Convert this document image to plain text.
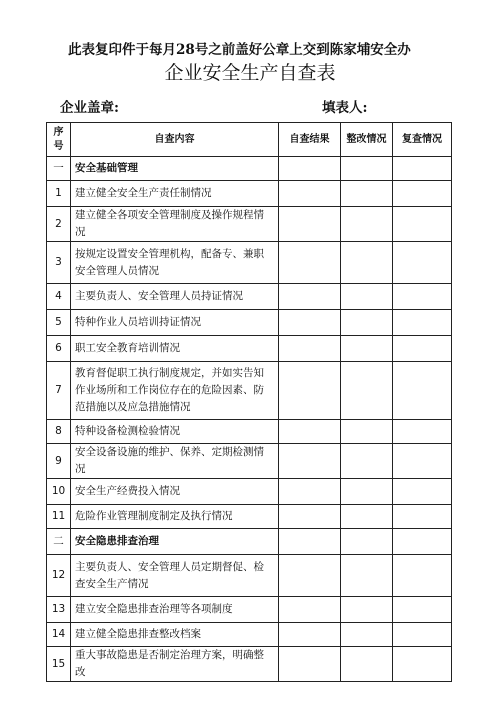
此表复印件于每月28号之前盖好公章上交到陈家埔安全办
企业安全生产自查表
企业盖章:	填表人:
序号	自查内容	自查结果	整改情况	复查情况
一	安全基础管理			
1	建立健全安全生产责任制情况			
2	建立健全各项安全管理制度及操作规程情况			
3	按规定设置安全管理机构，配备专、兼职安全管理人员情况			
4	主要负责人、安全管理人员持证情况			
5	特种作业人员培训持证情况			
6	职工安全教育培训情况			
7	教育督促职工执行制度规定，并如实告知作业场所和工作岗位存在的危险因素、防范措施以及应急措施情况			
8	特种设备检测检验情况			
9	安全设备设施的维护、保养、定期检测情况			
10	安全生产经费投入情况			
11	危险作业管理制度制定及执行情况			
二	安全隐患排查治理			
12	主要负责人、安全管理人员定期督促、检查安全生产情况			
13	建立安全隐患排查治理等各项制度			
14	建立健全隐患排查整改档案			
15	重大事故隐患是否制定治理方案，明确整改			
